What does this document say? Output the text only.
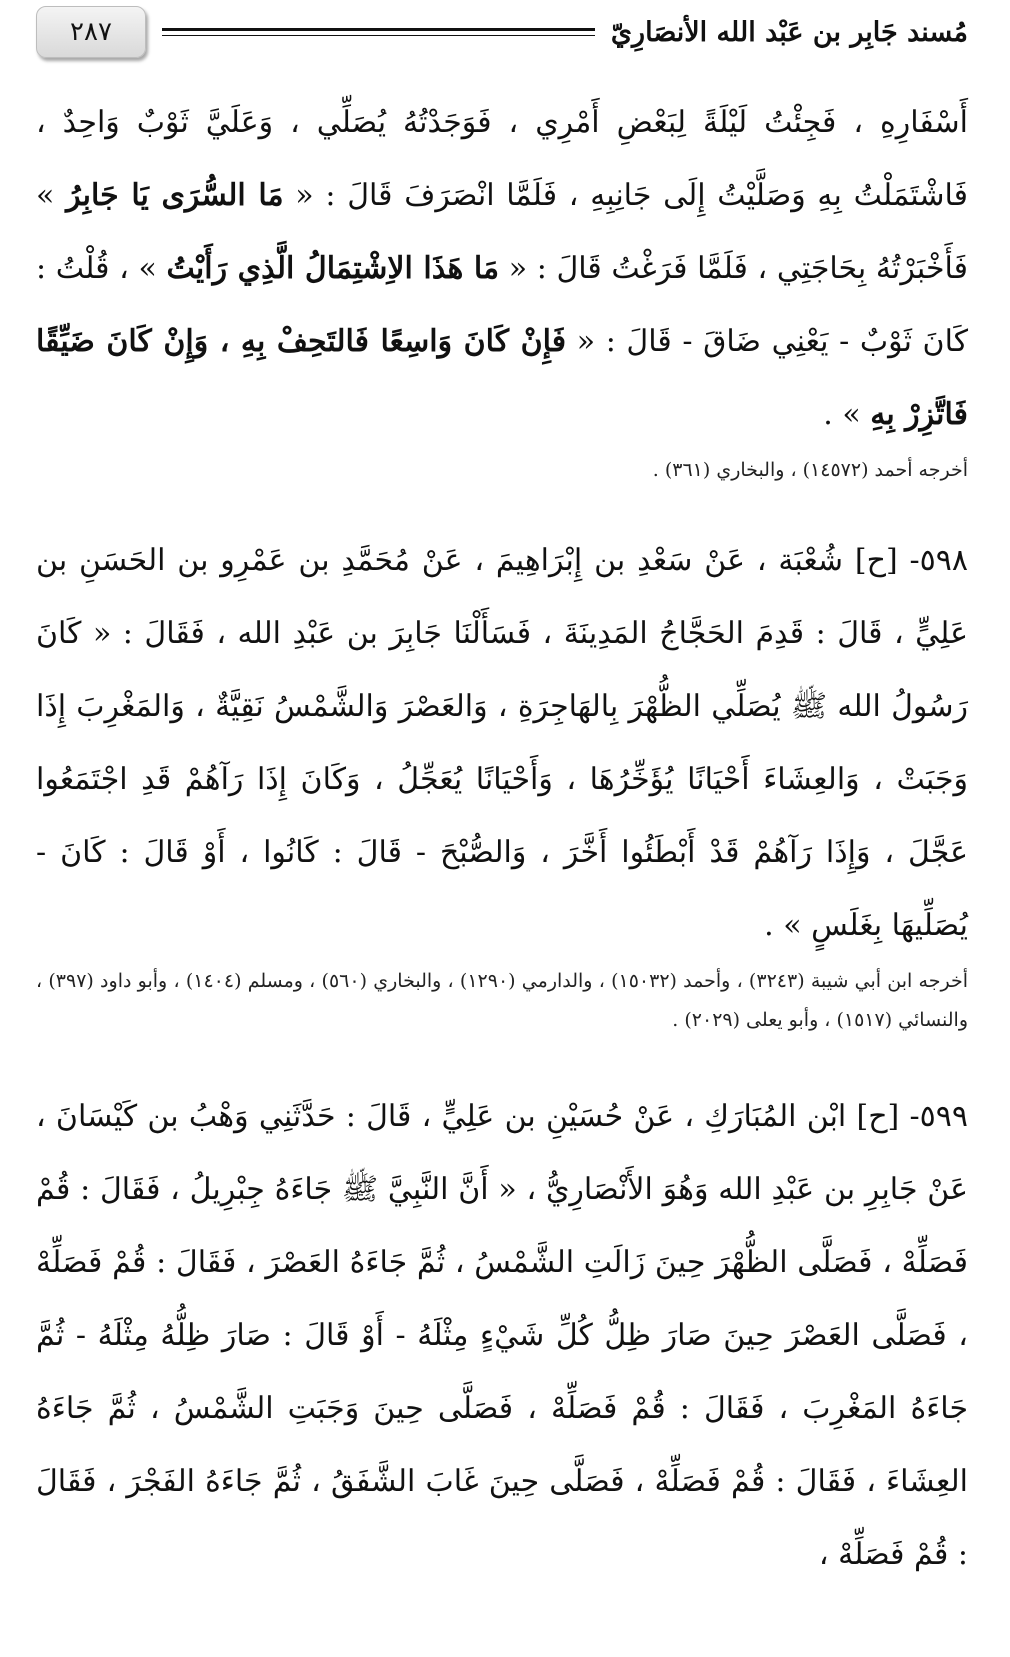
مُسند جَابِر بن عَبْد الله الأنصَارِيّ
٢٨٧

أَسْفَارِهِ ، فَجِئْتُ لَيْلَةً لِبَعْضِ أَمْرِي ، فَوَجَدْتُهُ يُصَلِّي ، وَعَلَيَّ ثَوْبٌ وَاحِدٌ ، فَاشْتَمَلْتُ بِهِ وَصَلَّيْتُ إِلَى جَانِبِهِ ، فَلَمَّا انْصَرَفَ قَالَ : « مَا السُّرَى يَا جَابِرُ » فَأَخْبَرْتُهُ بِحَاجَتِي ، فَلَمَّا فَرَغْتُ قَالَ : « مَا هَذَا الاِشْتِمَالُ الَّذِي رَأَيْتُ » ، قُلْتُ : كَانَ ثَوْبٌ - يَعْنِي ضَاقَ - قَالَ : « فَإِنْ كَانَ وَاسِعًا فَالتَحِفْ بِهِ ، وَإِنْ كَانَ ضَيِّقًا فَاتَّزِرْ بِهِ » .

أخرجه أحمد (١٤٥٧٢) ، والبخاري (٣٦١) .

٥٩٨- [ح] شُعْبَة ، عَنْ سَعْدِ بن إِبْرَاهِيمَ ، عَنْ مُحَمَّدِ بن عَمْرِو بن الحَسَنِ بن عَلِيٍّ ، قَالَ : قَدِمَ الحَجَّاجُ المَدِينَةَ ، فَسَأَلْنَا جَابِرَ بن عَبْدِ الله ، فَقَالَ : « كَانَ رَسُولُ الله ﷺ يُصَلِّي الظُّهْرَ بِالهَاجِرَةِ ، وَالعَصْرَ وَالشَّمْسُ نَقِيَّةٌ ، وَالمَغْرِبَ إِذَا وَجَبَتْ ، وَالعِشَاءَ أَحْيَانًا يُؤَخِّرُهَا ، وَأَحْيَانًا يُعَجِّلُ ، وَكَانَ إِذَا رَآهُمْ قَدِ اجْتَمَعُوا عَجَّلَ ، وَإِذَا رَآهُمْ قَدْ أَبْطَئُوا أَخَّرَ ، وَالصُّبْحَ - قَالَ : كَانُوا ، أَوْ قَالَ : كَانَ - يُصَلِّيهَا بِغَلَسٍ » .

أخرجه ابن أبي شيبة (٣٢٤٣) ، وأحمد (١٥٠٣٢) ، والدارمي (١٢٩٠) ، والبخاري (٥٦٠) ، ومسلم (١٤٠٤) ، وأبو داود (٣٩٧) ، والنسائي (١٥١٧) ، وأبو يعلى (٢٠٢٩) .

٥٩٩- [ح] ابْن المُبَارَكِ ، عَنْ حُسَيْنِ بن عَلِيٍّ ، قَالَ : حَدَّثَنِي وَهْبُ بن كَيْسَانَ ، عَنْ جَابِرِ بن عَبْدِ الله وَهُوَ الأَنْصَارِيُّ ، « أَنَّ النَّبِيَّ ﷺ جَاءَهُ جِبْرِيلُ ، فَقَالَ : قُمْ فَصَلِّهْ ، فَصَلَّى الظُّهْرَ حِينَ زَالَتِ الشَّمْسُ ، ثُمَّ جَاءَهُ العَصْرَ ، فَقَالَ : قُمْ فَصَلِّهْ ، فَصَلَّى العَصْرَ حِينَ صَارَ ظِلُّ كُلِّ شَيْءٍ مِثْلَهُ - أَوْ قَالَ : صَارَ ظِلُّهُ مِثْلَهُ - ثُمَّ جَاءَهُ المَغْرِبَ ، فَقَالَ : قُمْ فَصَلِّهْ ، فَصَلَّى حِينَ وَجَبَتِ الشَّمْسُ ، ثُمَّ جَاءَهُ العِشَاءَ ، فَقَالَ : قُمْ فَصَلِّهْ ، فَصَلَّى حِينَ غَابَ الشَّفَقُ ، ثُمَّ جَاءَهُ الفَجْرَ ، فَقَالَ : قُمْ فَصَلِّهْ ،
